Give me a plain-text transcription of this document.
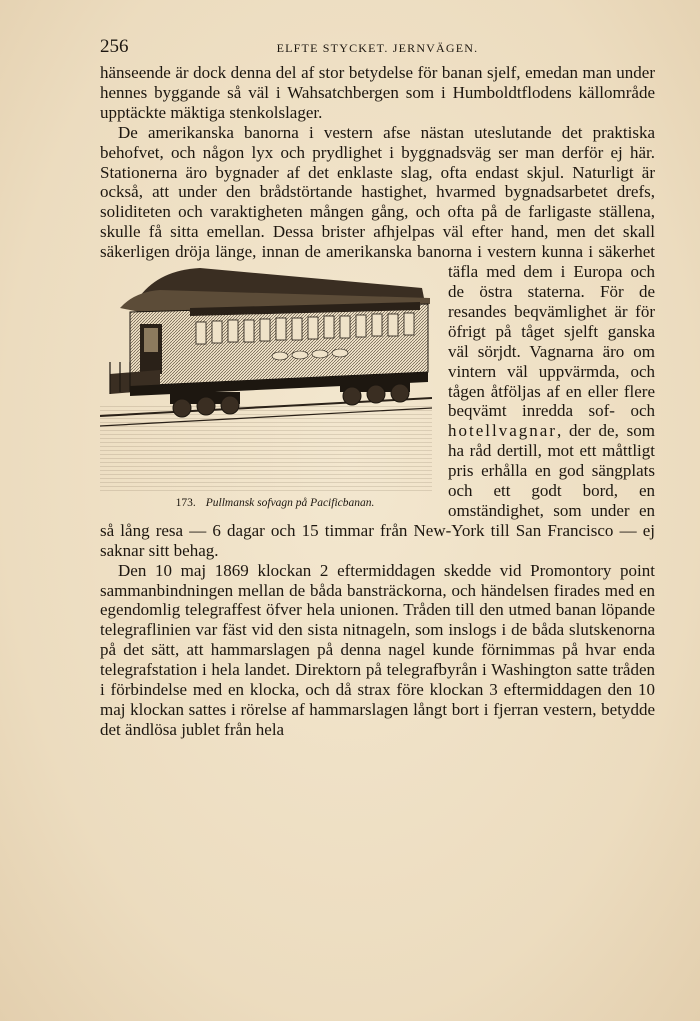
256	ELFTE STYCKET. JERNVÄGEN.

hänseende är dock denna del af stor betydelse för banan sjelf, emedan man under hennes byggande så väl i Wahsatchbergen som i Humboldtflodens källområde upptäckte mäktiga stenkolslager.

De amerikanska banorna i vestern afse nästan uteslutande det praktiska behofvet, och någon lyx och prydlighet i byggnadsväg ser man derför ej här. Stationerna äro bygnader af det enklaste slag, ofta endast skjul. Naturligt är också, att under den brådstörtande hastighet, hvarmed bygnadsarbetet drefs, soliditeten och varaktigheten mången gång, och ofta på de farligaste ställena, skulle få sitta emellan. Dessa brister afhjelpas väl efter hand, men det skall säkerligen dröja länge, innan de amerikanska banorna i vestern kunna i säkerhet täfla
173. Pullmansk sofvagn på Pacificbanan.
med dem i Europa och de östra staterna. För de resandes beqvämlighet är för öfrigt på tåget sjelft ganska väl sörjdt. Vagnarna äro om vintern väl uppvärmda, och tågen åtföljas af en eller flere beqvämt inredda sof- och hotellvagnar, der de, som ha råd dertill, mot ett måttligt pris erhålla en god sängplats och ett godt bord, en omständighet, som under en så lång resa — 6 dagar och 15 timmar från New-York till San Francisco — ej saknar sitt behag.

Den 10 maj 1869 klockan 2 eftermiddagen skedde vid Promontory point sammanbindningen mellan de båda bansträckorna, och händelsen firades med en egendomlig telegraffest öfver hela unionen. Tråden till den utmed banan löpande telegraflinien var fäst vid den sista nitnageln, som inslogs i de båda slutskenorna på det sätt, att hammarslagen på denna nagel kunde förnimmas på hvar enda telegrafstation i hela landet. Direktorn på telegrafbyrån i Washington satte tråden i förbindelse med en klocka, och då strax före klockan 3 eftermiddagen den 10 maj klockan sattes i rörelse af hammarslagen långt bort i fjerran vestern, betydde det ändlösa jublet från hela
